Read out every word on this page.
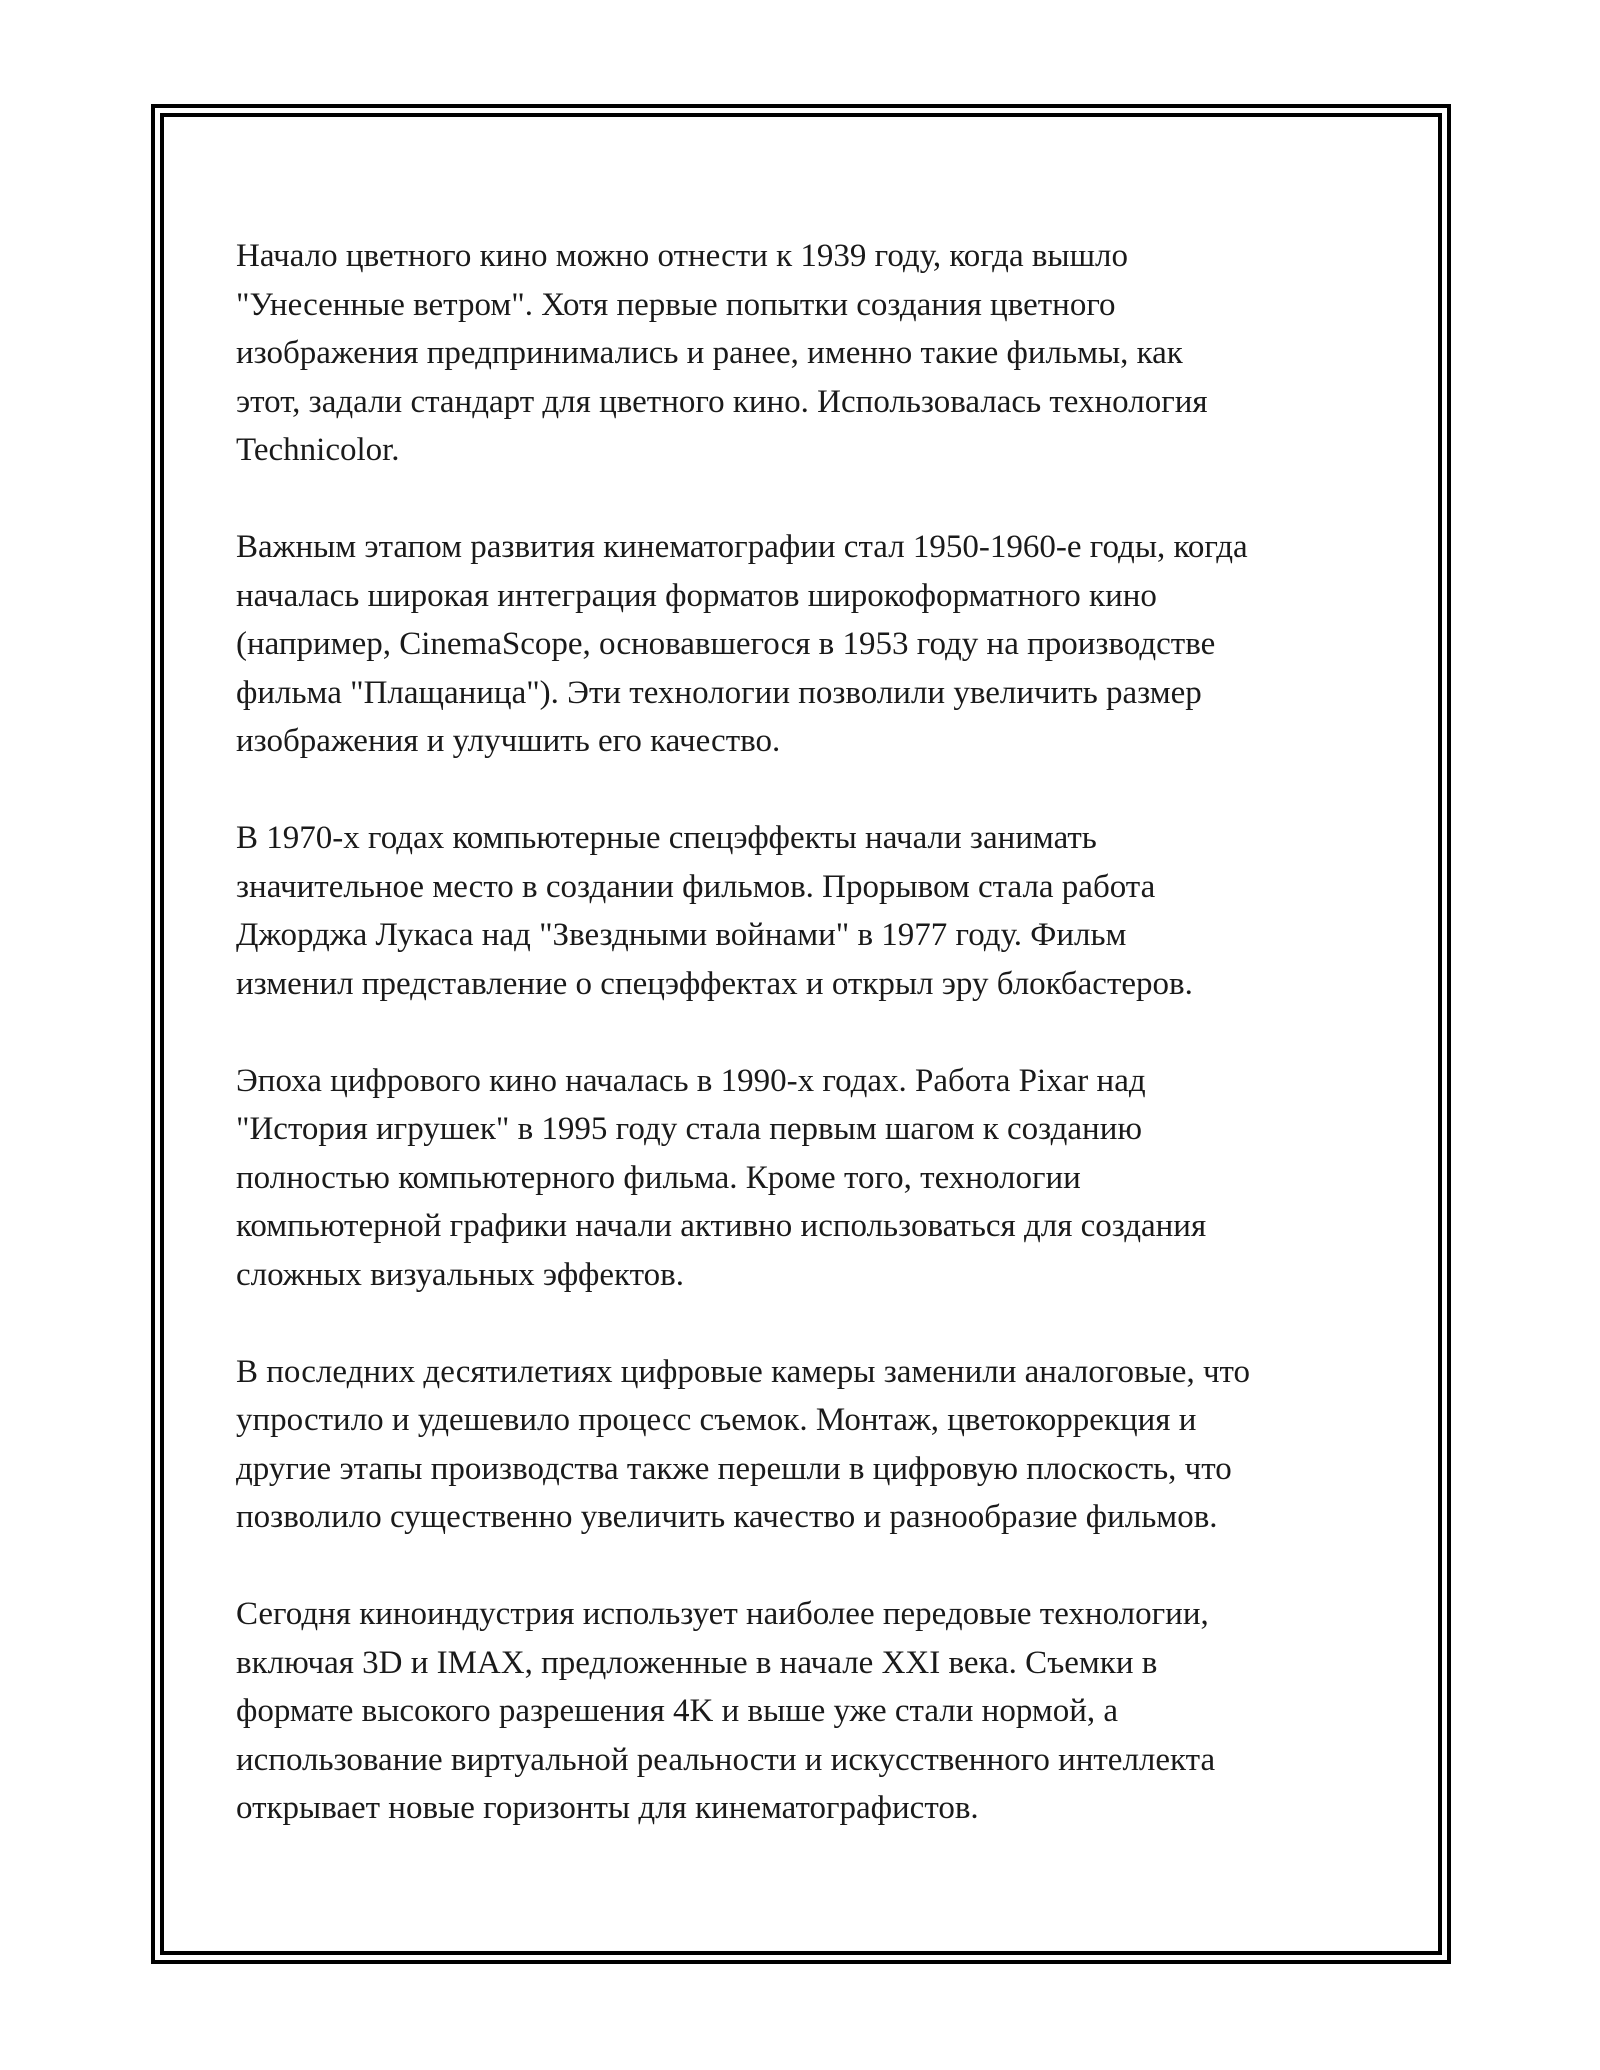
Начало цветного кино можно отнести к 1939 году, когда вышло
"Унесенные ветром". Хотя первые попытки создания цветного
изображения предпринимались и ранее, именно такие фильмы, как
этот, задали стандарт для цветного кино. Использовалась технология
Technicolor.

Важным этапом развития кинематографии стал 1950-1960-е годы, когда
началась широкая интеграция форматов широкоформатного кино
(например, CinemaScope, основавшегося в 1953 году на производстве
фильма "Плащаница"). Эти технологии позволили увеличить размер
изображения и улучшить его качество.

В 1970-х годах компьютерные спецэффекты начали занимать
значительное место в создании фильмов. Прорывом стала работа
Джорджа Лукаса над "Звездными войнами" в 1977 году. Фильм
изменил представление о спецэффектах и открыл эру блокбастеров.

Эпоха цифрового кино началась в 1990-х годах. Работа Pixar над
"История игрушек" в 1995 году стала первым шагом к созданию
полностью компьютерного фильма. Кроме того, технологии
компьютерной графики начали активно использоваться для создания
сложных визуальных эффектов.

В последних десятилетиях цифровые камеры заменили аналоговые, что
упростило и удешевило процесс съемок. Монтаж, цветокоррекция и
другие этапы производства также перешли в цифровую плоскость, что
позволило существенно увеличить качество и разнообразие фильмов.

Сегодня киноиндустрия использует наиболее передовые технологии,
включая 3D и IMAX, предложенные в начале XXI века. Съемки в
формате высокого разрешения 4K и выше уже стали нормой, а
использование виртуальной реальности и искусственного интеллекта
открывает новые горизонты для кинематографистов.
